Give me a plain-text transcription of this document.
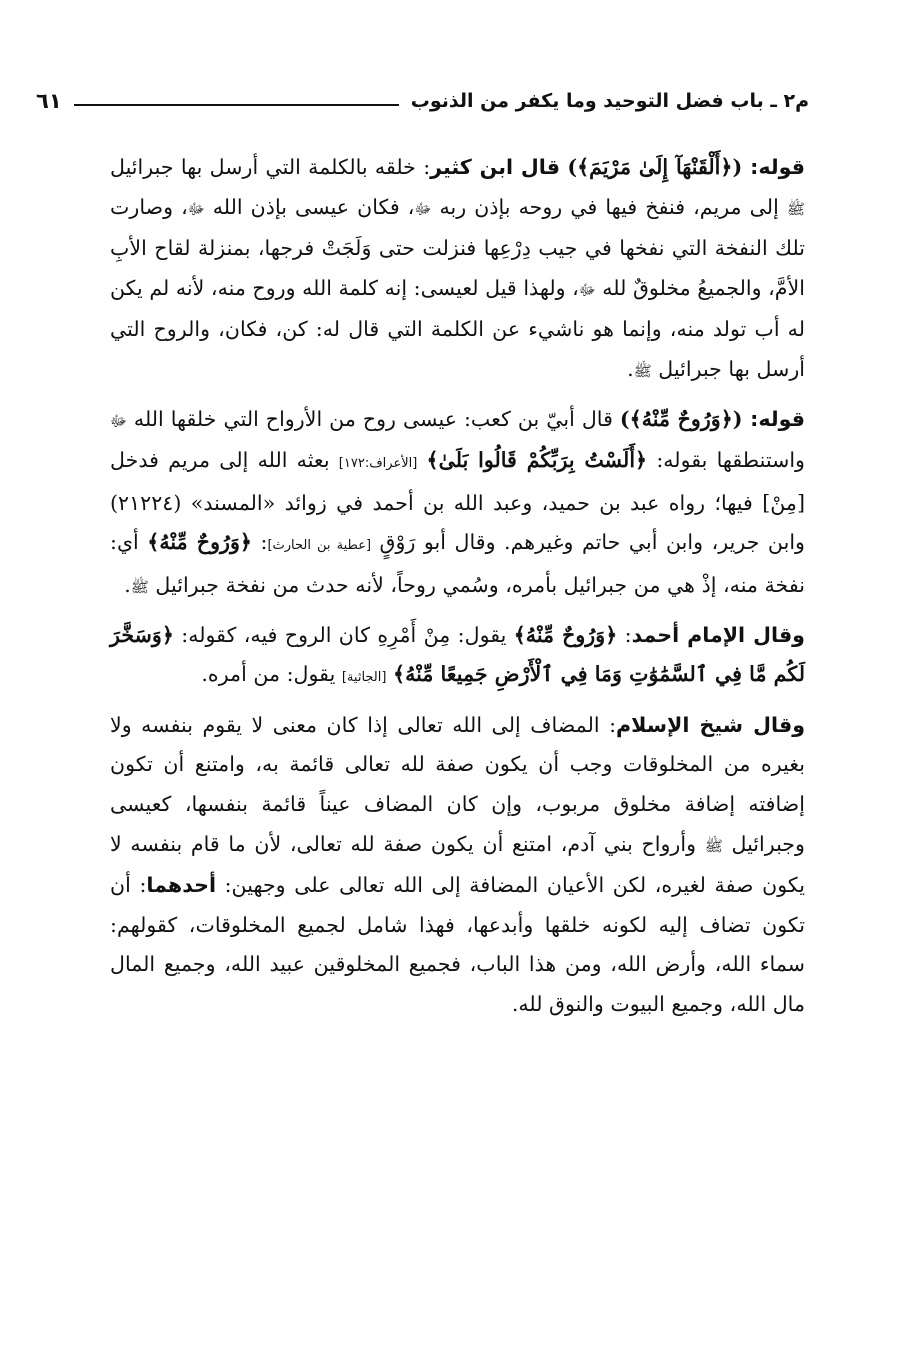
م٢ ـ باب فضل التوحيد وما يكفر من الذنوب
٦١

قوله: (﴿أَلْقَنْهَآ إِلَىٰ مَرْيَمَ﴾) قال ابن كثير: خلقه بالكلمة التي أرسل بها جبرائيل ﷺ إلى مريم، فنفخ فيها في روحه بإذن ربه ﷻ، فكان عيسى بإذن الله ﷻ، وصارت تلك النفخة التي نفخها في جيب دِرْعِها فنزلت حتى وَلَجَتْ فرجها، بمنزلة لقاح الأبِ الأمَّ، والجميعُ مخلوقٌ لله ﷻ، ولهذا قيل لعيسى: إنه كلمة الله وروح منه، لأنه لم يكن له أب تولد منه، وإنما هو ناشيء عن الكلمة التي قال له: كن، فكان، والروح التي أرسل بها جبرائيل ﷺ.

قوله: (﴿وَرُوحٌ مِّنْهُ﴾) قال أبيّ بن كعب: عيسى روح من الأرواح التي خلقها الله ﷻ واستنطقها بقوله: ﴿أَلَسْتُ بِرَبِّكُمْ قَالُوا بَلَىٰ﴾ [الأعراف:١٧٢] بعثه الله إلى مريم فدخل [مِنْ] فيها؛ رواه عبد بن حميد، وعبد الله بن أحمد في زوائد «المسند» (٢١٢٢٤) وابن جرير، وابن أبي حاتم وغيرهم. وقال أبو رَوْقٍ [عطية بن الحارث]: ﴿وَرُوحٌ مِّنْهُ﴾ أي: نفخة منه، إذْ هي من جبرائيل بأمره، وسُمي روحاً، لأنه حدث من نفخة جبرائيل ﷺ.

وقال الإمام أحمد: ﴿وَرُوحٌ مِّنْهُ﴾ يقول: مِنْ أَمْرِهِ كان الروح فيه، كقوله: ﴿وَسَخَّرَ لَكُم مَّا فِي ٱلسَّمَٰوَٰتِ وَمَا فِي ٱلْأَرْضِ جَمِيعًا مِّنْهُ﴾ [الجاثية] يقول: من أمره.

وقال شيخ الإسلام: المضاف إلى الله تعالى إذا كان معنى لا يقوم بنفسه ولا بغيره من المخلوقات وجب أن يكون صفة لله تعالى قائمة به، وامتنع أن تكون إضافته إضافة مخلوق مربوب، وإن كان المضاف عيناً قائمة بنفسها، كعيسى وجبرائيل ﷺ وأرواح بني آدم، امتنع أن يكون صفة لله تعالى، لأن ما قام بنفسه لا يكون صفة لغيره، لكن الأعيان المضافة إلى الله تعالى على وجهين: أحدهما: أن تكون تضاف إليه لكونه خلقها وأبدعها، فهذا شامل لجميع المخلوقات، كقولهم: سماء الله، وأرض الله، ومن هذا الباب، فجميع المخلوقين عبيد الله، وجميع المال مال الله، وجميع البيوت والنوق لله.
